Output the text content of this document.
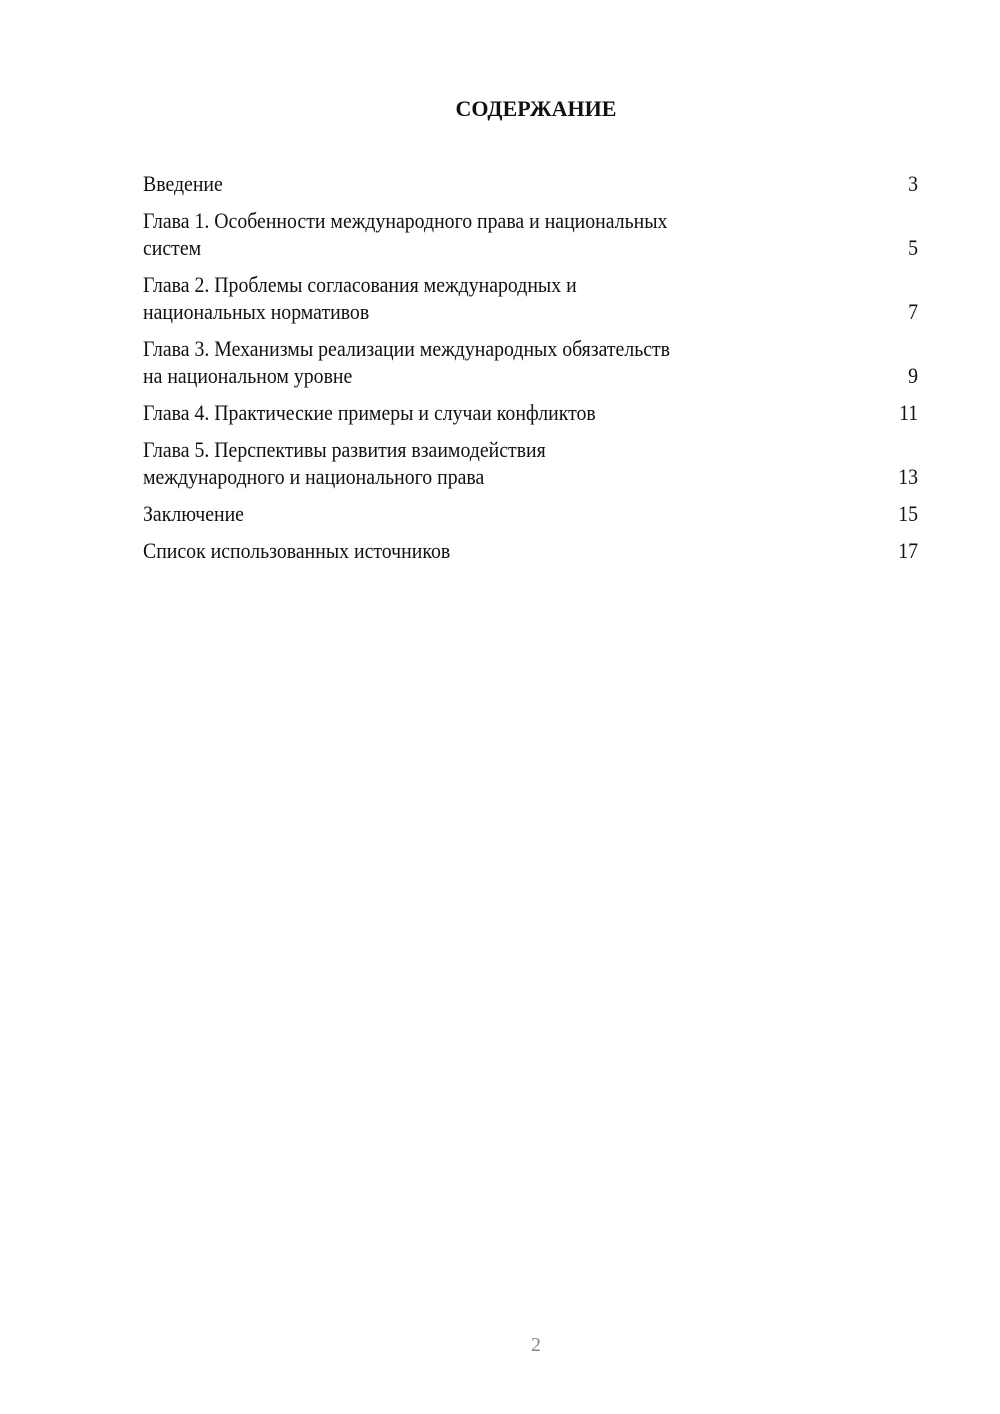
СОДЕРЖАНИЕ
Введение	3
Глава 1. Особенности международного права и национальных
систем	5
Глава 2. Проблемы согласования международных и
национальных нормативов	7
Глава 3. Механизмы реализации международных обязательств
на национальном уровне	9
Глава 4. Практические примеры и случаи конфликтов	11
Глава 5. Перспективы развития взаимодействия
международного и национального права	13
Заключение	15
Список использованных источников	17
2
